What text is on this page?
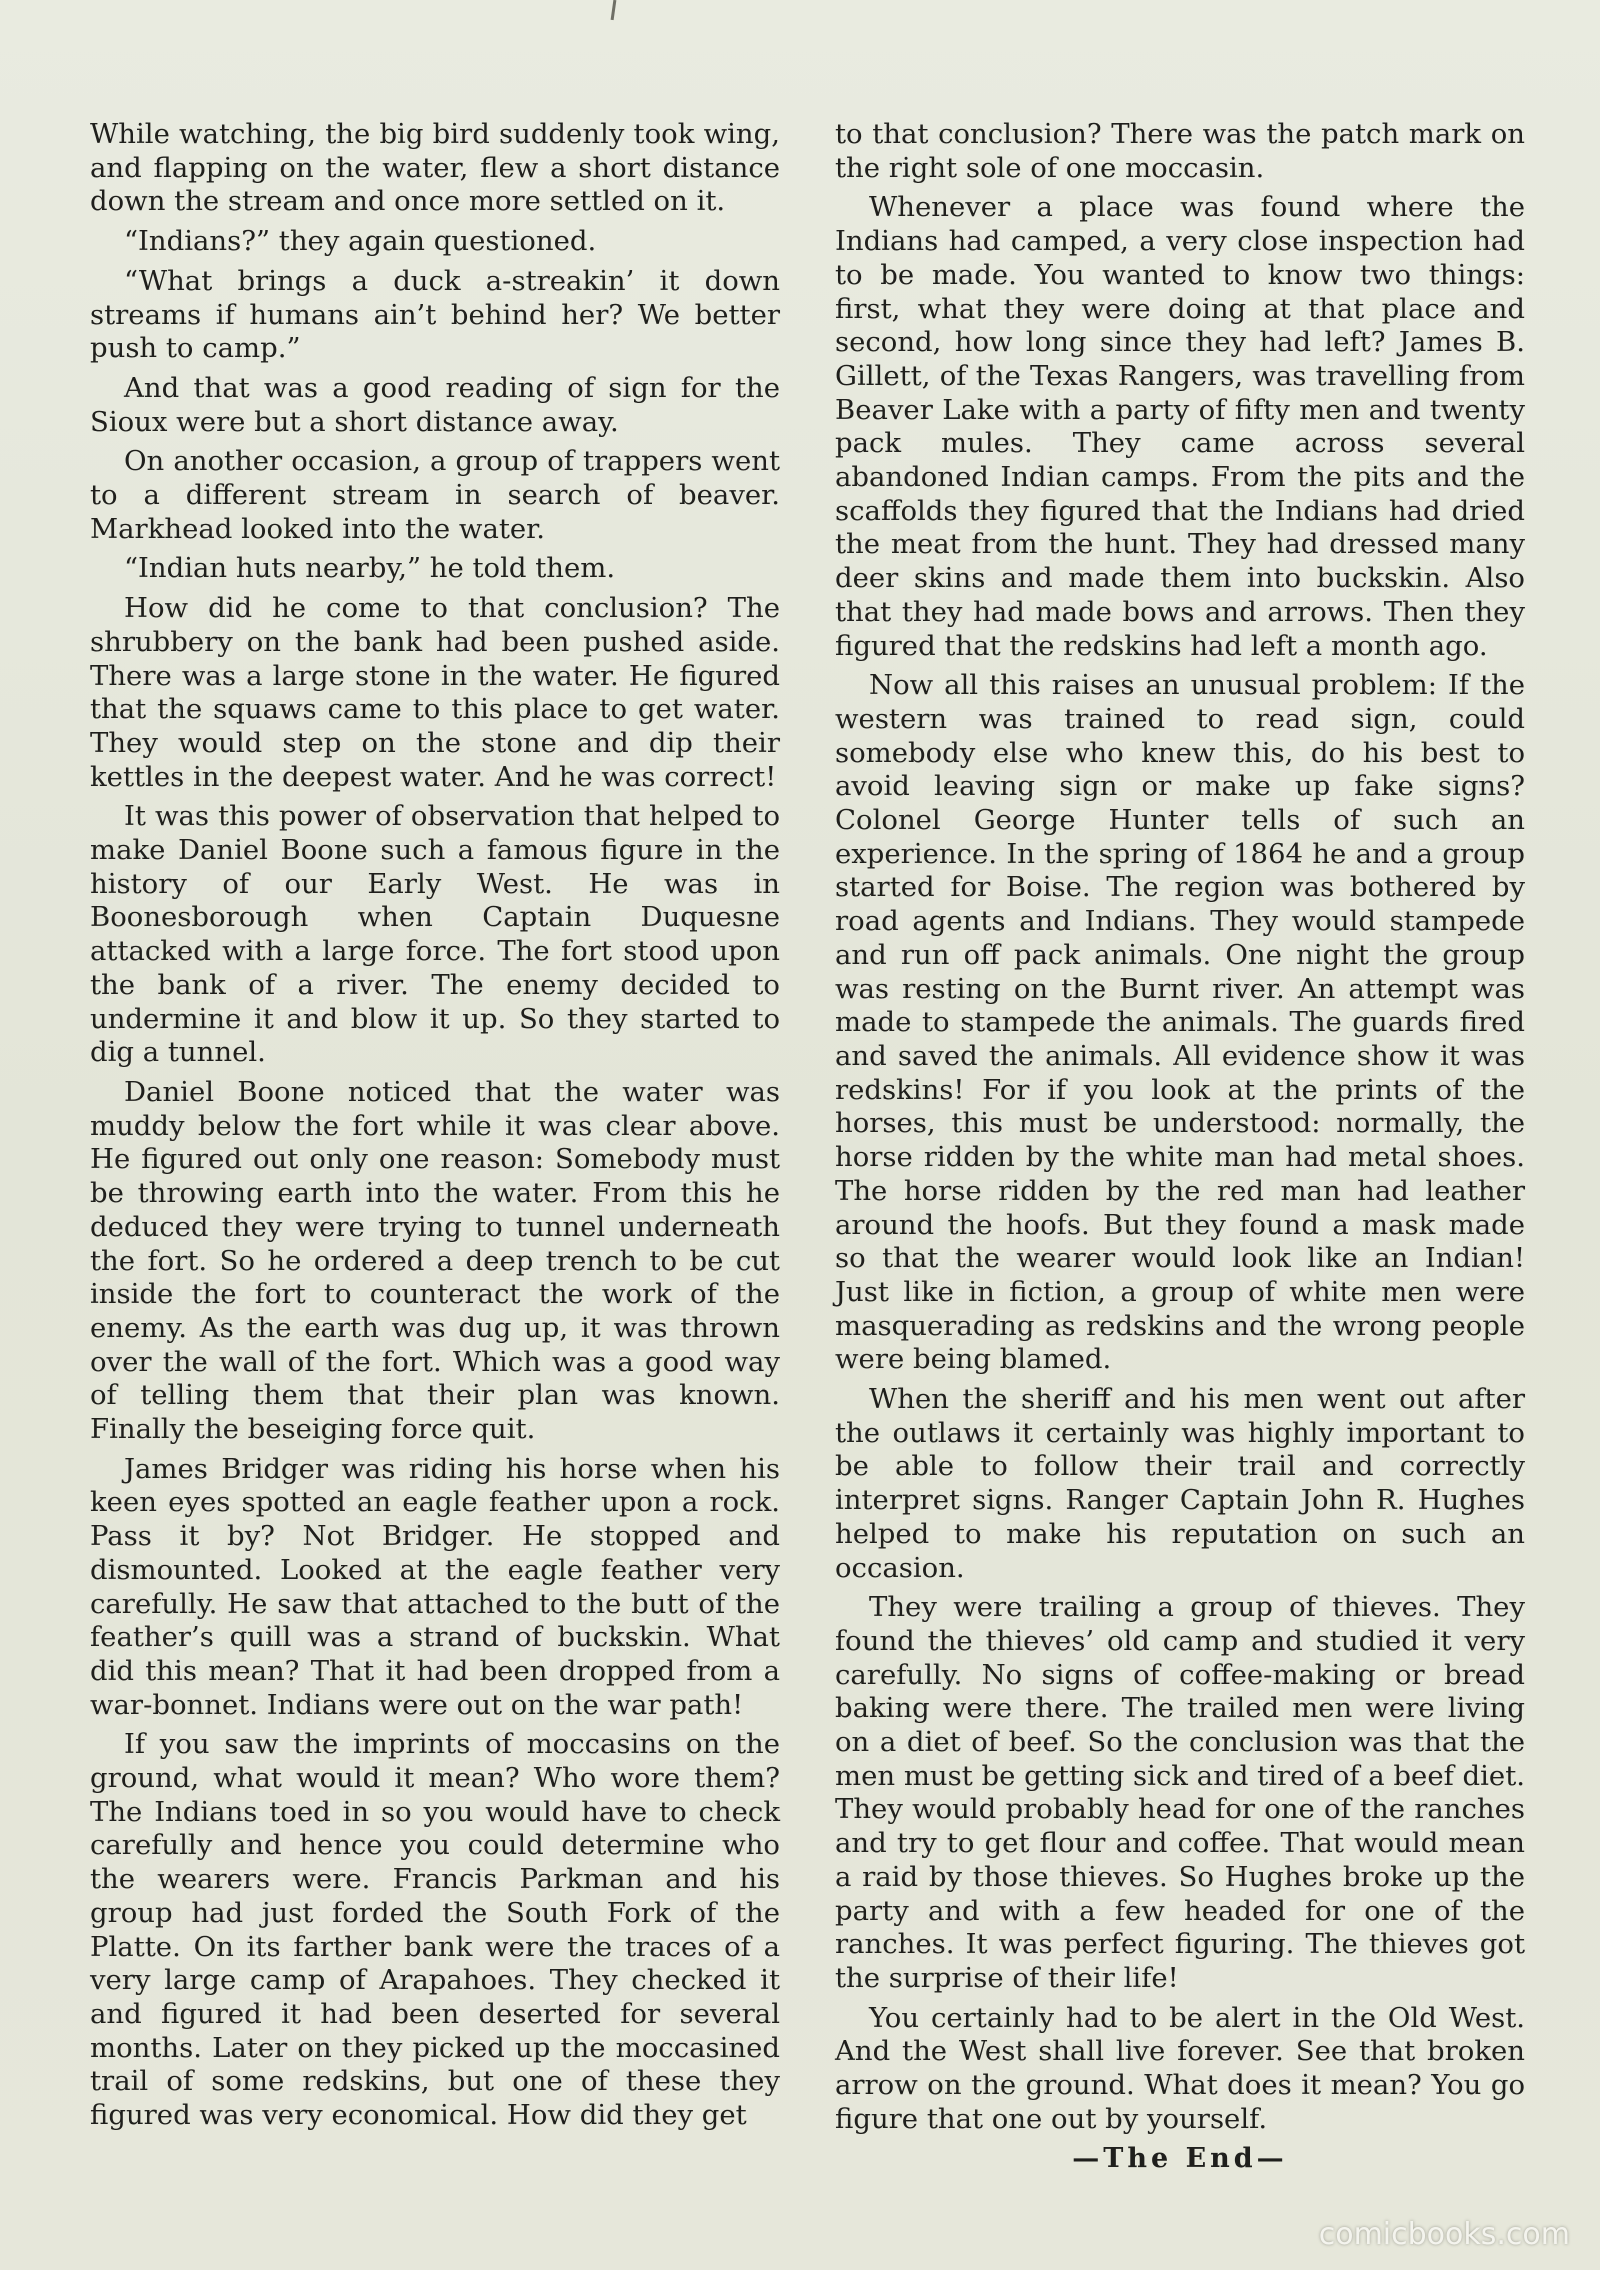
While watching, the big bird suddenly took wing, and flapping on the water, flew a short distance down the stream and once more settled on it.

“Indians?” they again questioned.

“What brings a duck a-streakin’ it down streams if humans ain’t behind her? We better push to camp.”

And that was a good reading of sign for the Sioux were but a short distance away.

On another occasion, a group of trappers went to a different stream in search of beaver. Markhead looked into the water.

“Indian huts nearby,” he told them.

How did he come to that conclusion? The shrubbery on the bank had been pushed aside. There was a large stone in the water. He figured that the squaws came to this place to get water. They would step on the stone and dip their kettles in the deepest water. And he was correct!

It was this power of observation that helped to make Daniel Boone such a famous figure in the history of our Early West. He was in Boonesborough when Captain Duquesne attacked with a large force. The fort stood upon the bank of a river. The enemy decided to undermine it and blow it up. So they started to dig a tunnel.

Daniel Boone noticed that the water was muddy below the fort while it was clear above. He figured out only one reason: Somebody must be throwing earth into the water. From this he deduced they were trying to tunnel underneath the fort. So he ordered a deep trench to be cut inside the fort to counteract the work of the enemy. As the earth was dug up, it was thrown over the wall of the fort. Which was a good way of telling them that their plan was known. Finally the beseiging force quit.

James Bridger was riding his horse when his keen eyes spotted an eagle feather upon a rock. Pass it by? Not Bridger. He stopped and dismounted. Looked at the eagle feather very carefully. He saw that attached to the butt of the feather’s quill was a strand of buckskin. What did this mean? That it had been dropped from a war-bonnet. Indians were out on the war path!

If you saw the imprints of moccasins on the ground, what would it mean? Who wore them? The Indians toed in so you would have to check carefully and hence you could determine who the wearers were. Francis Parkman and his group had just forded the South Fork of the Platte. On its farther bank were the traces of a very large camp of Arapahoes. They checked it and figured it had been deserted for several months. Later on they picked up the moccasined trail of some redskins, but one of these they figured was very economical. How did they get

to that conclusion? There was the patch mark on the right sole of one moccasin.

Whenever a place was found where the Indians had camped, a very close inspection had to be made. You wanted to know two things: first, what they were doing at that place and second, how long since they had left? James B. Gillett, of the Texas Rangers, was travelling from Beaver Lake with a party of fifty men and twenty pack mules. They came across several abandoned Indian camps. From the pits and the scaffolds they figured that the Indians had dried the meat from the hunt. They had dressed many deer skins and made them into buckskin. Also that they had made bows and arrows. Then they figured that the redskins had left a month ago.

Now all this raises an unusual problem: If the western was trained to read sign, could somebody else who knew this, do his best to avoid leaving sign or make up fake signs? Colonel George Hunter tells of such an experience. In the spring of 1864 he and a group started for Boise. The region was bothered by road agents and Indians. They would stampede and run off pack animals. One night the group was resting on the Burnt river. An attempt was made to stampede the animals. The guards fired and saved the animals. All evidence show it was redskins! For if you look at the prints of the horses, this must be understood: normally, the horse ridden by the white man had metal shoes. The horse ridden by the red man had leather around the hoofs. But they found a mask made so that the wearer would look like an Indian! Just like in fiction, a group of white men were masquerading as redskins and the wrong people were being blamed.

When the sheriff and his men went out after the outlaws it certainly was highly important to be able to follow their trail and correctly interpret signs. Ranger Captain John R. Hughes helped to make his reputation on such an occasion.

They were trailing a group of thieves. They found the thieves’ old camp and studied it very carefully. No signs of coffee-making or bread baking were there. The trailed men were living on a diet of beef. So the conclusion was that the men must be getting sick and tired of a beef diet. They would probably head for one of the ranches and try to get flour and coffee. That would mean a raid by those thieves. So Hughes broke up the party and with a few headed for one of the ranches. It was perfect figuring. The thieves got the surprise of their life!

You certainly had to be alert in the Old West. And the West shall live forever. See that broken arrow on the ground. What does it mean? You go figure that one out by yourself.

—The End—
comicbooks.com
